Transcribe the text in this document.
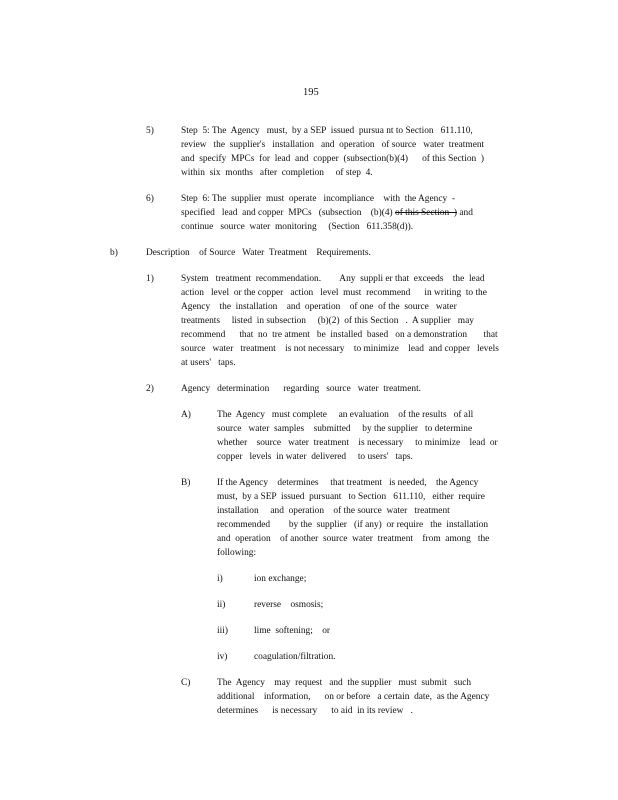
195
5)	Step  5: The  Agency   must,  by a SEP  issued  pursua nt to Section   611.110,
review   the  supplier's   installation   and  operation   of source   water  treatment
and  specify  MPCs  for  lead  and  copper  (subsection(b)(4)      of this Section  )
within  six  months   after  completion     of step  4.
6)	Step  6: The  supplier  must  operate   incompliance    with  the Agency  -
specified   lead  and copper  MPCs   (subsection    (b)(4) of this Section  ) and
continue   source  water  monitoring     (Section   611.358(d)).
b)	Description    of Source   Water  Treatment    Requirements.
1)	System   treatment  recommendation.        Any  suppli er that  exceeds    the  lead
action   level  or the copper   action   level  must  recommend      in writing  to the
Agency    the  installation    and  operation    of one  of the  source   water
treatments     listed  in subsection     (b)(2)  of this Section   .  A supplier   may
recommend      that  no  tre atment   be  installed  based   on a demonstration       that
source   water   treatment    is not necessary    to minimize    lead  and copper   levels
at users'   taps.
2)	Agency   determination      regarding   source   water  treatment.
A)	The  Agency   must complete     an evaluation    of the results   of all
source   water  samples    submitted     by the supplier   to determine
whether    source   water  treatment    is necessary     to minimize    lead  or
copper   levels  in water  delivered     to users'   taps.
B)	If the Agency    determines     that treatment   is needed,    the Agency
must,  by a SEP  issued  pursuant   to Section   611.110,   either  require
installation     and  operation    of the source  water   treatment
recommended        by the  supplier   (if any)  or require   the  installation
and  operation    of another  source  water  treatment    from  among   the
following:
i)	ion exchange;
ii)	reverse    osmosis;
iii)	lime  softening;    or
iv)	coagulation/filtration.
C)	The  Agency    may  request   and  the supplier   must  submit   such
additional    information,      on or before   a certain  date,  as the Agency
determines      is necessary      to aid  in its review   .
